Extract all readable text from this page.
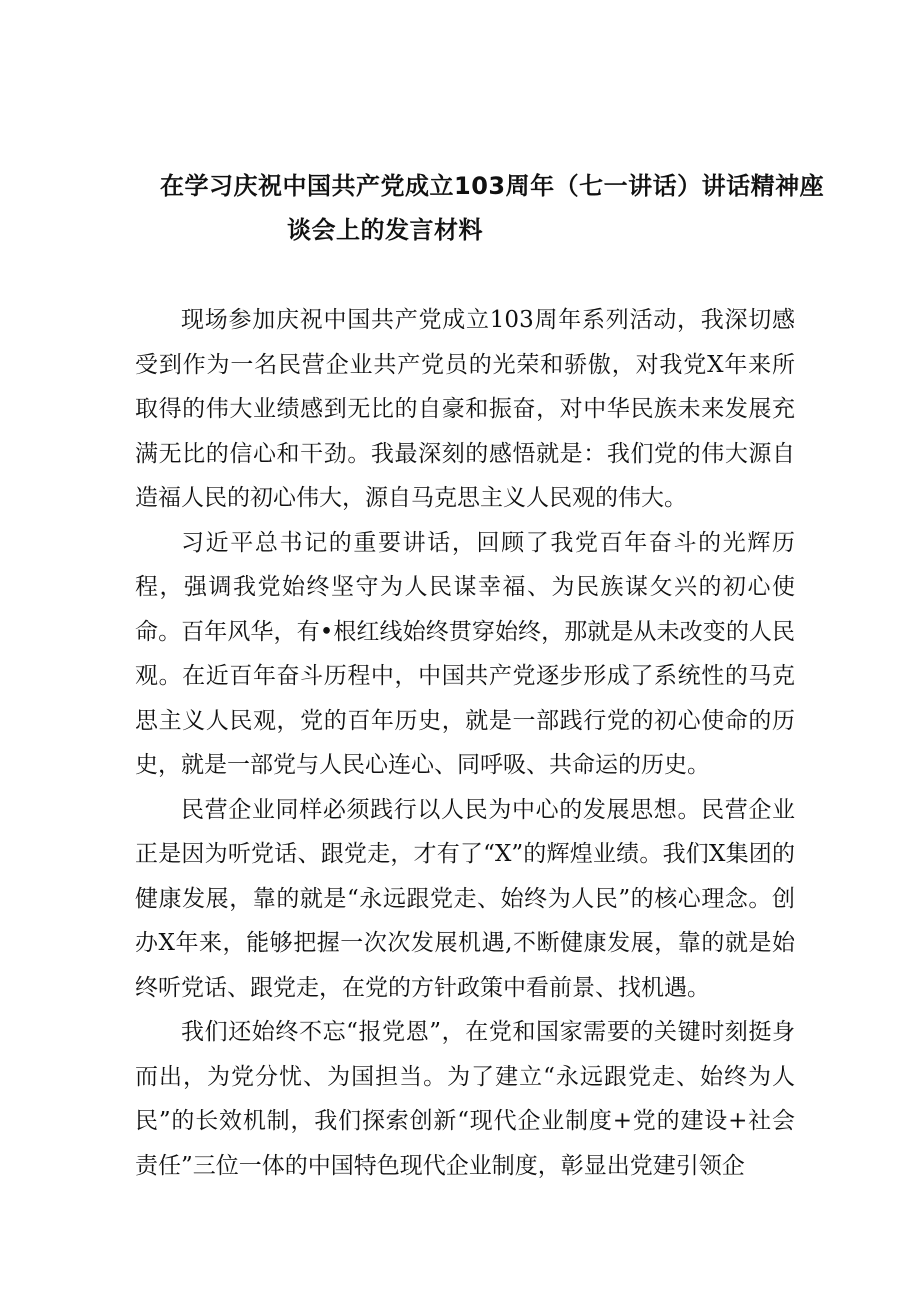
在学习庆祝中国共产党成立103周年（七一讲话）讲话精神座
谈会上的发言材料

现场参加庆祝中国共产党成立103周年系列活动，我深切感受到作为一名民营企业共产党员的光荣和骄傲，对我党X年来所取得的伟大业绩感到无比的自豪和振奋，对中华民族未来发展充满无比的信心和干劲。我最深刻的感悟就是：我们党的伟大源自造福人民的初心伟大，源自马克思主义人民观的伟大。

习近平总书记的重要讲话，回顾了我党百年奋斗的光辉历程，强调我党始终坚守为人民谋幸福、为民族谋攵兴的初心使命。百年风华，有•根红线始终贯穿始终，那就是从未改变的人民观。在近百年奋斗历程中，中国共产党逐步形成了系统性的马克思主义人民观，党的百年历史，就是一部践行党的初心使命的历史，就是一部党与人民心连心、同呼吸、共命运的历史。

民营企业同样必须践行以人民为中心的发展思想。民营企业正是因为听党话、跟党走，才有了“X”的辉煌业绩。我们X集团的健康发展，靠的就是“永远跟党走、始终为人民”的核心理念。创办X年来，能够把握一次次发展机遇,不断健康发展，靠的就是始终听党话、跟党走，在党的方针政策中看前景、找机遇。

我们还始终不忘“报党恩”，在党和国家需要的关键时刻挺身而出，为党分忧、为国担当。为了建立“永远跟党走、始终为人民”的长效机制，我们探索创新“现代企业制度+党的建设+社会责任”三位一体的中国特色现代企业制度，彰显出党建引领企
